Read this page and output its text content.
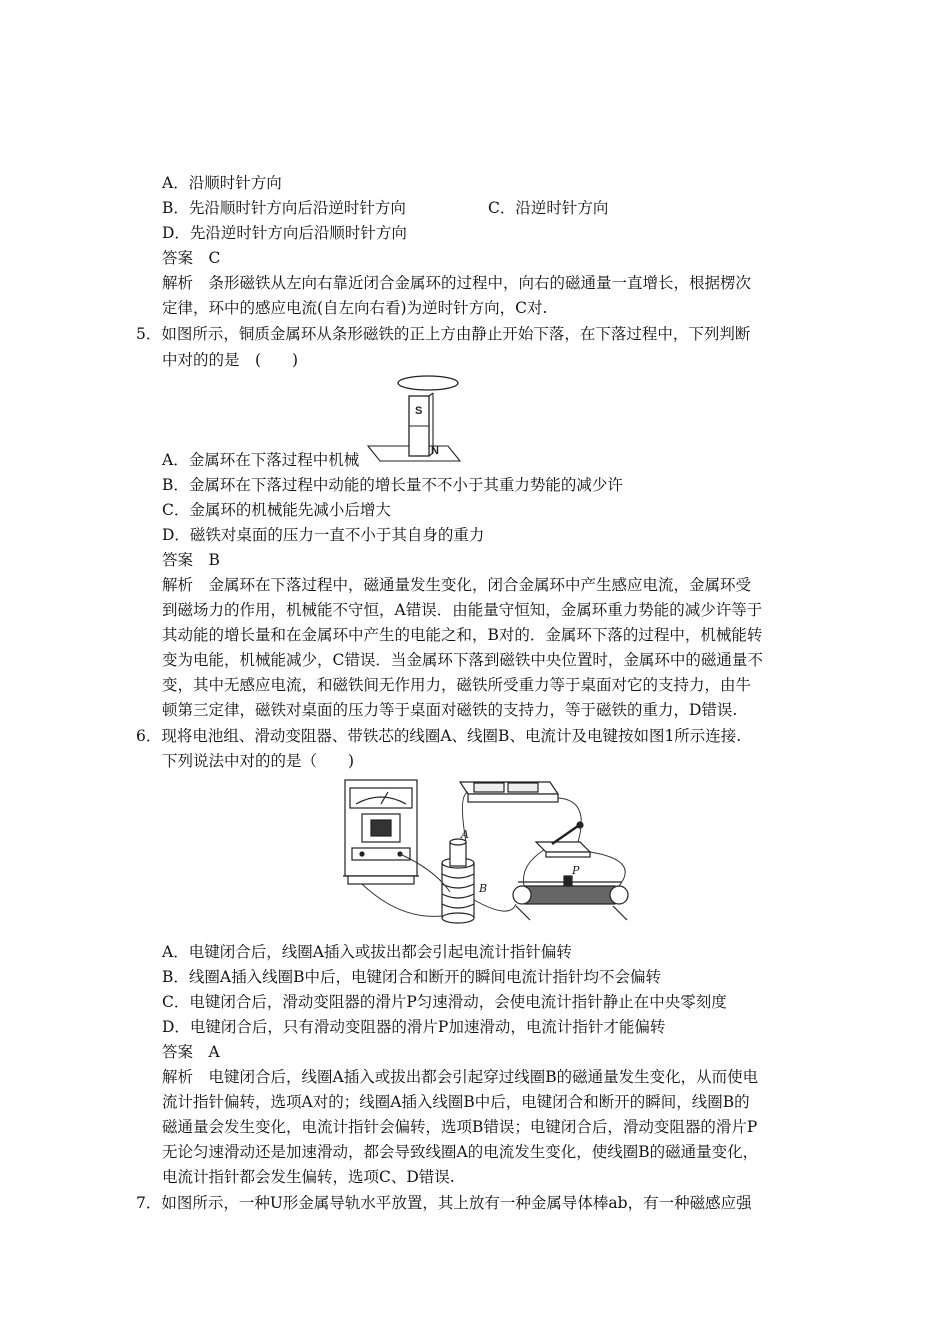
A．沿顺时针方向
B．先沿顺时针方向后沿逆时针方向	C．沿逆时针方向
D．先沿逆时针方向后沿顺时针方向
答案　C
解析　条形磁铁从左向右靠近闭合金属环的过程中，向右的磁通量一直增长，根据楞次
定律，环中的感应电流(自左向右看)为逆时针方向，C对.
5．如图所示，铜质金属环从条形磁铁的正上方由静止开始下落，在下落过程中，下列判断
中对的的是　(　　)
S
N
A．金属环在下落过程中机械
B．金属环在下落过程中动能的增长量不不小于其重力势能的减少许
C．金属环的机械能先减小后增大
D．磁铁对桌面的压力一直不小于其自身的重力
答案　B
解析　金属环在下落过程中，磁通量发生变化，闭合金属环中产生感应电流，金属环受
到磁场力的作用，机械能不守恒，A错误．由能量守恒知，金属环重力势能的减少许等于
其动能的增长量和在金属环中产生的电能之和，B对的．金属环下落的过程中，机械能转
变为电能，机械能减少，C错误．当金属环下落到磁铁中央位置时，金属环中的磁通量不
变，其中无感应电流，和磁铁间无作用力，磁铁所受重力等于桌面对它的支持力，由牛
顿第三定律，磁铁对桌面的压力等于桌面对磁铁的支持力，等于磁铁的重力，D错误.
6．现将电池组、滑动变阻器、带铁芯的线圈A、线圈B、电流计及电键按如图1所示连接.
下列说法中对的的是（　　)
A
B
P
A．电键闭合后，线圈A插入或拔出都会引起电流计指针偏转
B．线圈A插入线圈B中后，电键闭合和断开的瞬间电流计指针均不会偏转
C．电键闭合后，滑动变阻器的滑片P匀速滑动，会使电流计指针静止在中央零刻度
D．电键闭合后，只有滑动变阻器的滑片P加速滑动，电流计指针才能偏转
答案　A
解析　电键闭合后，线圈A插入或拔出都会引起穿过线圈B的磁通量发生变化，从而使电
流计指针偏转，选项A对的；线圈A插入线圈B中后，电键闭合和断开的瞬间，线圈B的
磁通量会发生变化，电流计指针会偏转，选项B错误；电键闭合后，滑动变阻器的滑片P
无论匀速滑动还是加速滑动，都会导致线圈A的电流发生变化，使线圈B的磁通量变化，
电流计指针都会发生偏转，选项C、D错误.
7．如图所示，一种U形金属导轨水平放置，其上放有一种金属导体棒ab，有一种磁感应强
